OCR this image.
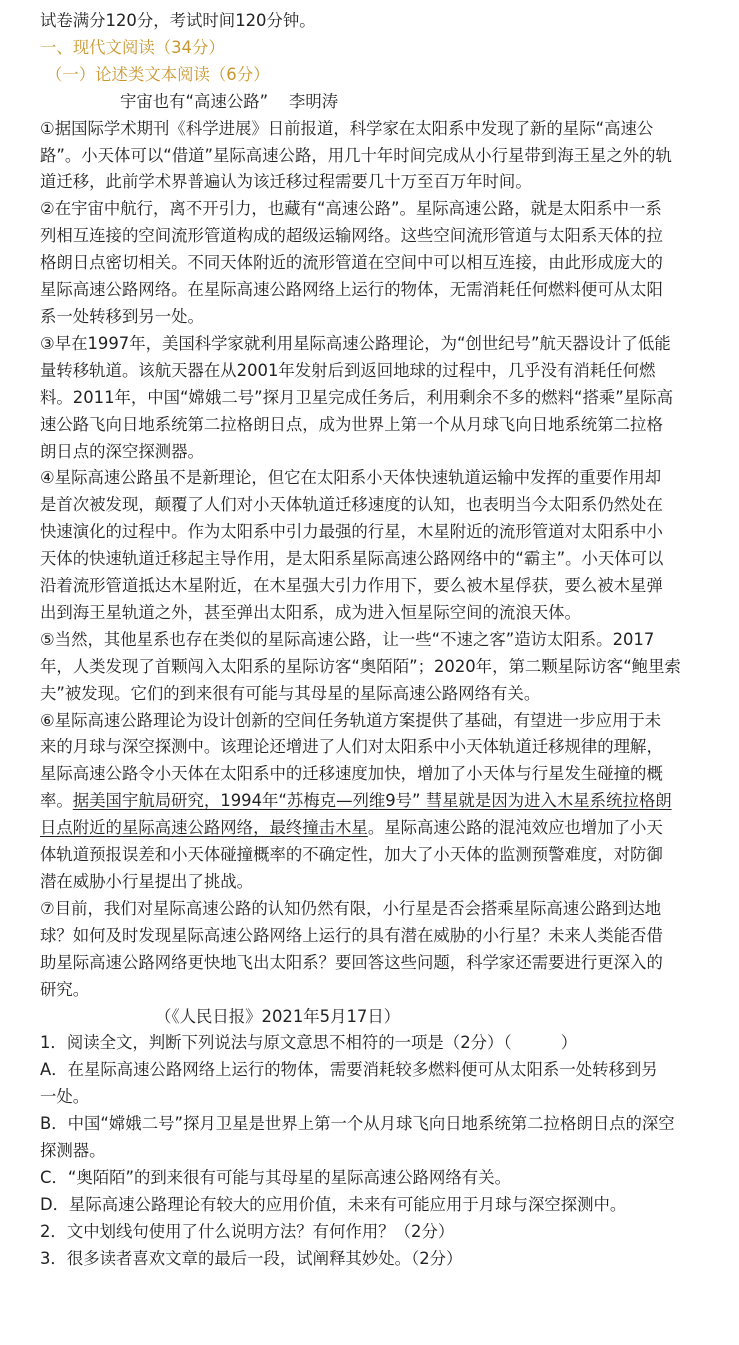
试卷满分120分，考试时间120分钟。
一、现代文阅读（34分）
（一）论述类文本阅读（6分）
宇宙也有“高速公路” 李明涛
①据国际学术期刊《科学进展》日前报道，科学家在太阳系中发现了新的星际“高速公
路”。小天体可以“借道”星际高速公路，用几十年时间完成从小行星带到海王星之外的轨
道迁移，此前学术界普遍认为该迁移过程需要几十万至百万年时间。
②在宇宙中航行，离不开引力，也藏有“高速公路”。星际高速公路，就是太阳系中一系
列相互连接的空间流形管道构成的超级运输网络。这些空间流形管道与太阳系天体的拉
格朗日点密切相关。不同天体附近的流形管道在空间中可以相互连接，由此形成庞大的
星际高速公路网络。在星际高速公路网络上运行的物体，无需消耗任何燃料便可从太阳
系一处转移到另一处。
③早在1997年，美国科学家就利用星际高速公路理论，为“创世纪号”航天器设计了低能
量转移轨道。该航天器在从2001年发射后到返回地球的过程中，几乎没有消耗任何燃
料。2011年，中国“嫦娥二号”探月卫星完成任务后，利用剩余不多的燃料“搭乘”星际高
速公路飞向日地系统第二拉格朗日点，成为世界上第一个从月球飞向日地系统第二拉格
朗日点的深空探测器。
④星际高速公路虽不是新理论，但它在太阳系小天体快速轨道运输中发挥的重要作用却
是首次被发现，颠覆了人们对小天体轨道迁移速度的认知，也表明当今太阳系仍然处在
快速演化的过程中。作为太阳系中引力最强的行星，木星附近的流形管道对太阳系中小
天体的快速轨道迁移起主导作用，是太阳系星际高速公路网络中的“霸主”。小天体可以
沿着流形管道抵达木星附近，在木星强大引力作用下，要么被木星俘获，要么被木星弹
出到海王星轨道之外，甚至弹出太阳系，成为进入恒星际空间的流浪天体。
⑤当然，其他星系也存在类似的星际高速公路，让一些“不速之客”造访太阳系。2017
年，人类发现了首颗闯入太阳系的星际访客“奥陌陌”；2020年，第二颗星际访客“鲍里索
夫”被发现。它们的到来很有可能与其母星的星际高速公路网络有关。
⑥星际高速公路理论为设计创新的空间任务轨道方案提供了基础，有望进一步应用于未
来的月球与深空探测中。该理论还增进了人们对太阳系中小天体轨道迁移规律的理解，
星际高速公路令小天体在太阳系中的迁移速度加快，增加了小天体与行星发生碰撞的概
率。据美国宇航局研究，1994年“苏梅克—列维9号” 彗星就是因为进入木星系统拉格朗
日点附近的星际高速公路网络，最终撞击木星。星际高速公路的混沌效应也增加了小天
体轨道预报误差和小天体碰撞概率的不确定性，加大了小天体的监测预警难度，对防御
潜在威胁小行星提出了挑战。
⑦目前，我们对星际高速公路的认知仍然有限，小行星是否会搭乘星际高速公路到达地
球？如何及时发现星际高速公路网络上运行的具有潜在威胁的小行星？未来人类能否借
助星际高速公路网络更快地飞出太阳系？要回答这些问题，科学家还需要进行更深入的
研究。
（《人民日报》2021年5月17日）
1．阅读全文，判断下列说法与原文意思不相符的一项是（2分）（　　　）
A．在星际高速公路网络上运行的物体，需要消耗较多燃料便可从太阳系一处转移到另
一处。
B．中国“嫦娥二号”探月卫星是世界上第一个从月球飞向日地系统第二拉格朗日点的深空
探测器。
C．“奥陌陌”的到来很有可能与其母星的星际高速公路网络有关。
D．星际高速公路理论有较大的应用价值，未来有可能应用于月球与深空探测中。
2．文中划线句使用了什么说明方法？有何作用？（2分）
3．很多读者喜欢文章的最后一段，试阐释其妙处。（2分）
